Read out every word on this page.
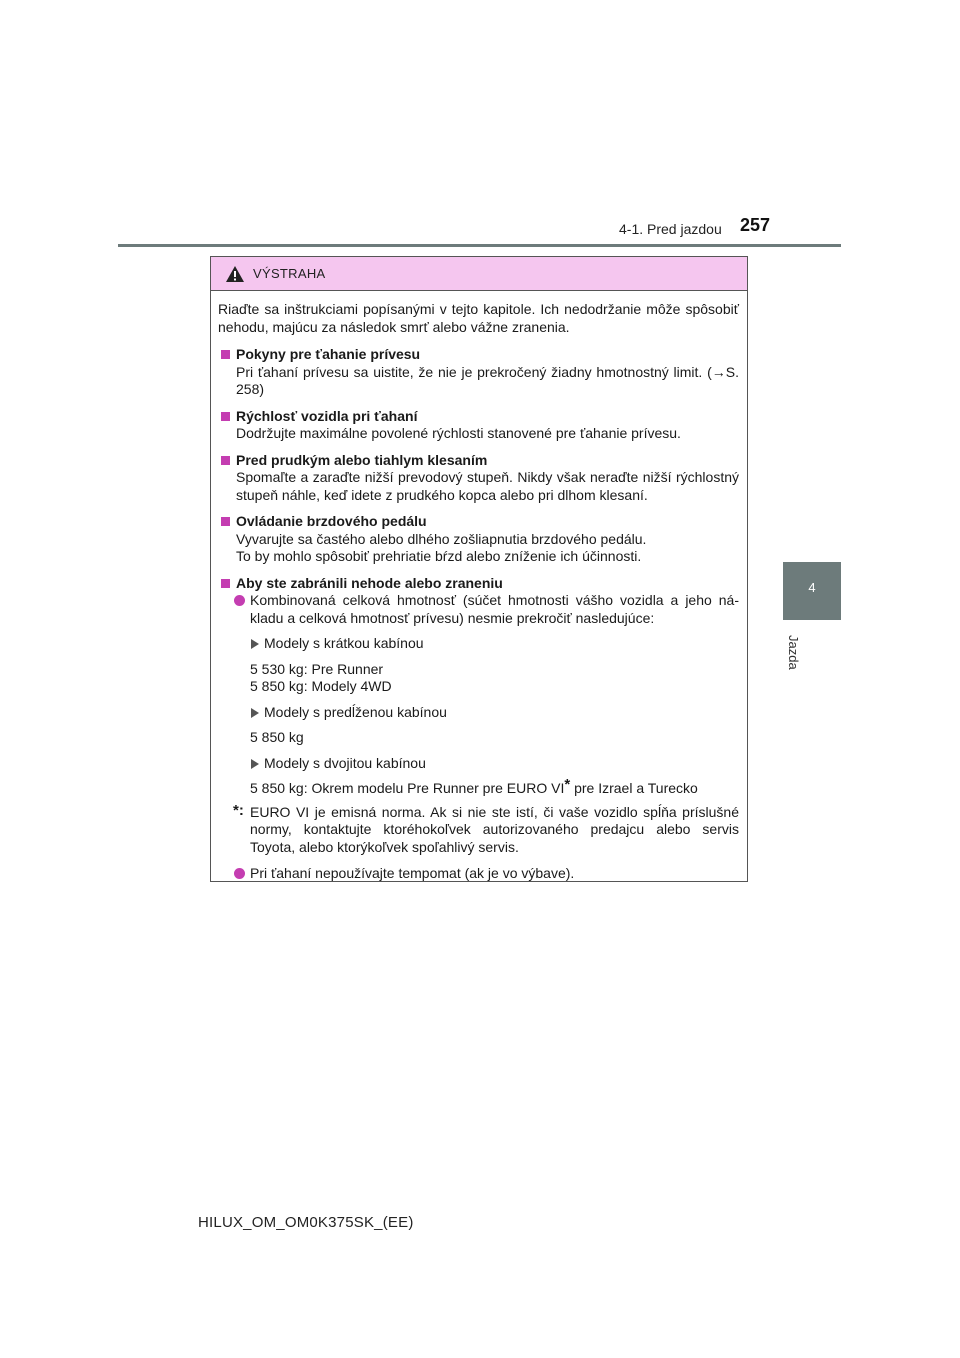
4-1. Pred jazdou 257
4
Jazda
VÝSTRAHA
Riaďte sa inštrukciami popísanými v tejto kapitole. Ich nedodržanie môže spôsobiť nehodu, majúcu za následok smrť alebo vážne zranenia.
Pokyny pre ťahanie prívesu
Pri ťahaní prívesu sa uistite, že nie je prekročený žiadny hmotnostný limit. (→S. 258)
Rýchlosť vozidla pri ťahaní
Dodržujte maximálne povolené rýchlosti stanovené pre ťahanie prívesu.
Pred prudkým alebo tiahlym klesaním
Spomaľte a zaraďte nižší prevodový stupeň. Nikdy však neraďte nižší rýchlostný stupeň náhle, keď idete z prudkého kopca alebo pri dlhom klesaní.
Ovládanie brzdového pedálu
Vyvarujte sa častého alebo dlhého zošliapnutia brzdového pedálu.
To by mohlo spôsobiť prehriatie bŕzd alebo zníženie ich účinnosti.
Aby ste zabránili nehode alebo zraneniu
Kombinovaná celková hmotnosť (súčet hmotnosti vášho vozidla a jeho nákladu a celková hmotnosť prívesu) nesmie prekročiť nasledujúce:
Modely s krátkou kabínou
5 530 kg: Pre Runner
5 850 kg: Modely 4WD
Modely s predĺženou kabínou
5 850 kg
Modely s dvojitou kabínou
5 850 kg: Okrem modelu Pre Runner pre EURO VI* pre Izrael a Turecko
*: EURO VI je emisná norma. Ak si nie ste istí, či vaše vozidlo spĺňa príslušné normy, kontaktujte ktoréhokoľvek autorizovaného predajcu alebo servis Toyota, alebo ktorýkoľvek spoľahlivý servis.
Pri ťahaní nepoužívajte tempomat (ak je vo výbave).
HILUX_OM_OM0K375SK_(EE)
